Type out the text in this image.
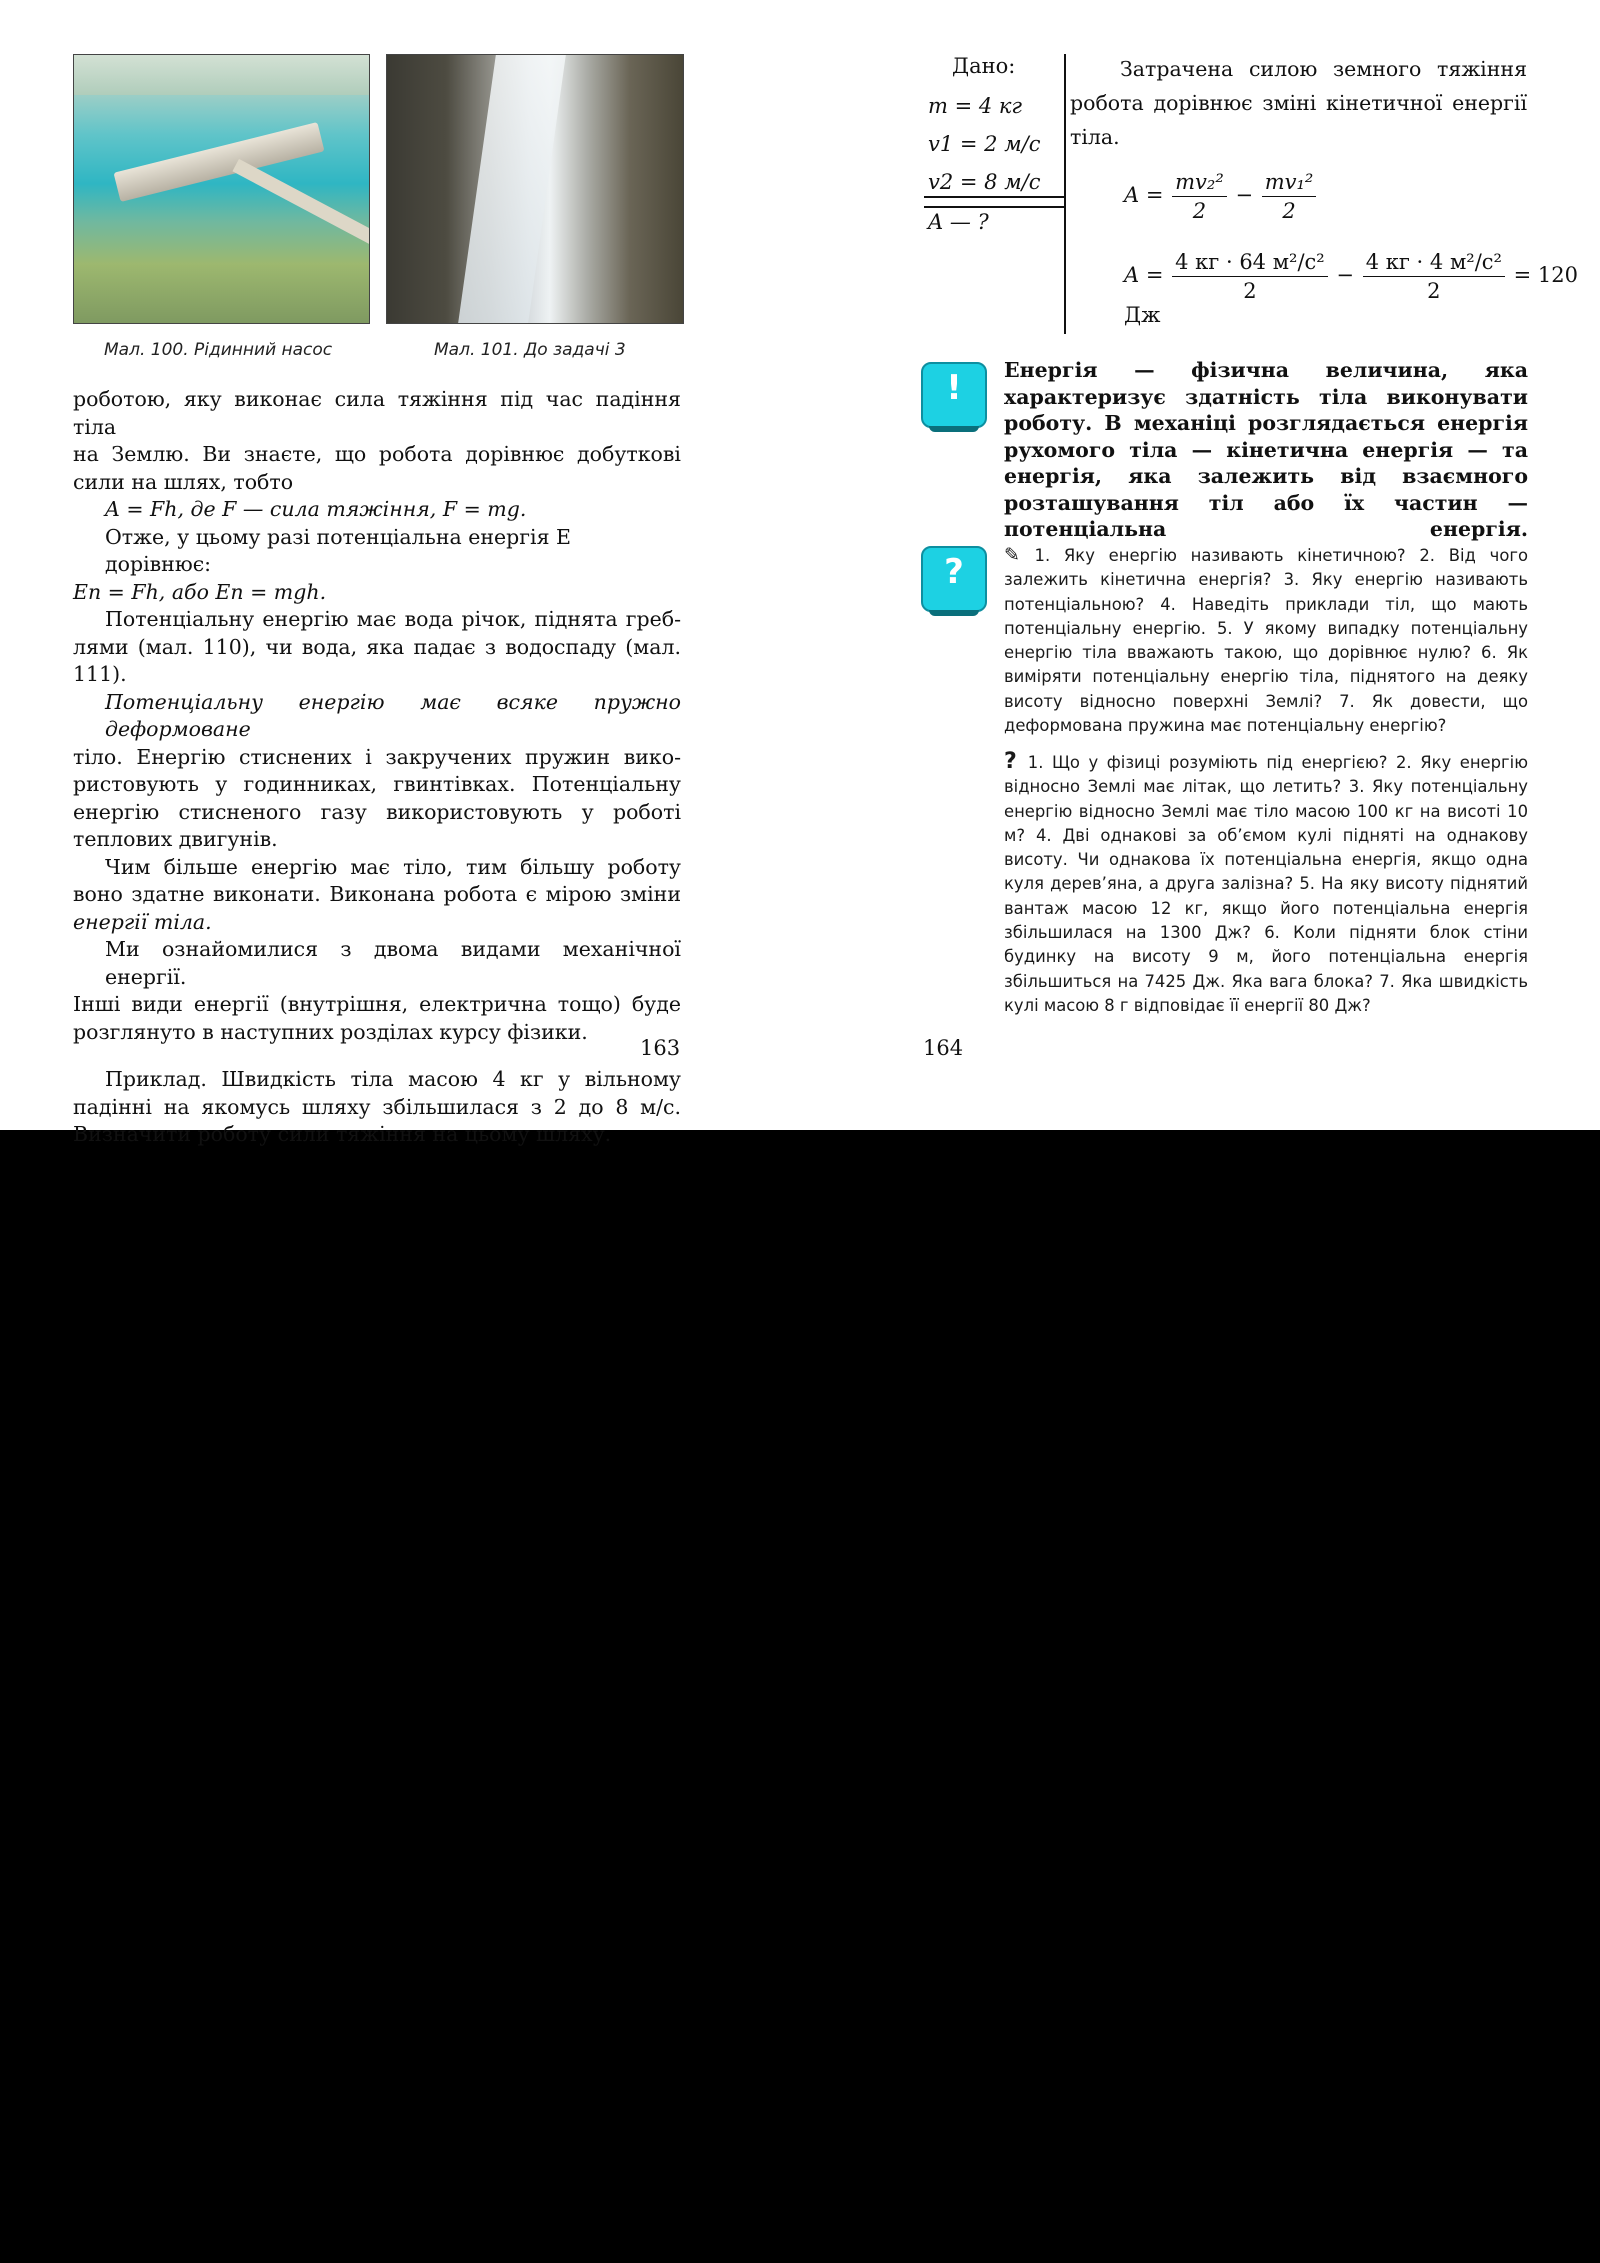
Мал. 100. Рідинний насос	Мал. 101. До задачі 3
роботою, яку виконає сила тяжіння під час падіння тіла
на Землю. Ви знаєте, що робота дорівнює добуткові
сили на шлях, тобто
A = Fh, де F — сила тяжіння, F = mg.
Отже, у цьому разі потенціальна енергія E дорівнює:
Eп = Fh, або Eп = mgh.
Потенціальну енергію має вода річок, піднята греб-
лями (мал. 110), чи вода, яка падає з водоспаду (мал. 111).
Потенціальну енергію має всяке пружно деформоване
тіло. Енергію стиснених і закручених пружин вико-
ристовують у годинниках, гвинтівках. Потенціальну
енергію стисненого газу використовують у роботі
теплових двигунів.
Чим більше енергію має тіло, тим більшу роботу
воно здатне виконати. Виконана робота є мірою зміни
енергії тіла.
Ми ознайомилися з двома видами механічної енергії.
Інші види енергії (внутрішня, електрична тощо) буде
розглянуто в наступних розділах курсу фізики.
Приклад. Швидкість тіла масою 4 кг у вільному
падінні на якомусь шляху збільшилася з 2 до 8 м/с.
Визначити роботу сили тяжіння на цьому шляху.
163
Дано:
m = 4 кг
v1 = 2 м/с
v2 = 8 м/с
A — ?
Затрачена силою земного тяжіння
робота дорівнює зміні кінетичної енергії
тіла.
$A = \frac{\text{mv₂²}}{2} - \frac{\text{mv₁²}}{2}$
$A = \frac{\text{4 кг · 64 м²/с²}}{2} - \frac{\text{4 кг · 4 м²/с²}}{2} = 120$ Дж
!	Енергія — фізична величина, яка характеризує здатність тіла виконувати роботу. В механіці розглядається енергія рухомого тіла — кінетична енергія — та енергія, яка залежить від взаємного розташування тіл або їх частин — потенціальна енергія.

?	✎ 1. Яку енергію називають кінетичною? 2. Від чого залежить кінетична енергія? 3. Яку енергію називають потенціальною? 4. Наведіть приклади тіл, що мають потенціальну енергію. 5. У якому випадку потенціальну енергію тіла вважають такою, що дорівнює нулю? 6. Як виміряти потенціальну енергію тіла, піднятого на деяку висоту відносно поверхні Землі? 7. Як довести, що деформована пружина має потенціальну енергію?

? 1. Що у фізиці розуміють під енергією? 2. Яку енергію відносно Землі має літак, що летить? 3. Яку потенціальну енергію відносно Землі має тіло масою 100 кг на висоті 10 м? 4. Дві однакові за об’ємом кулі підняті на однакову висоту. Чи однакова їх потенціальна енергія, якщо одна куля дерев’яна, а друга залізна? 5. На яку висоту піднятий вантаж масою 12 кг, якщо його потенціальна енергія збільшилася на 1300 Дж? 6. Коли підняти блок стіни будинку на висоту 9 м, його потенціальна енергія збільшиться на 7425 Дж. Яка вага блока? 7. Яка швидкість кулі масою 8 г відповідає її енергії 80 Дж?

164
